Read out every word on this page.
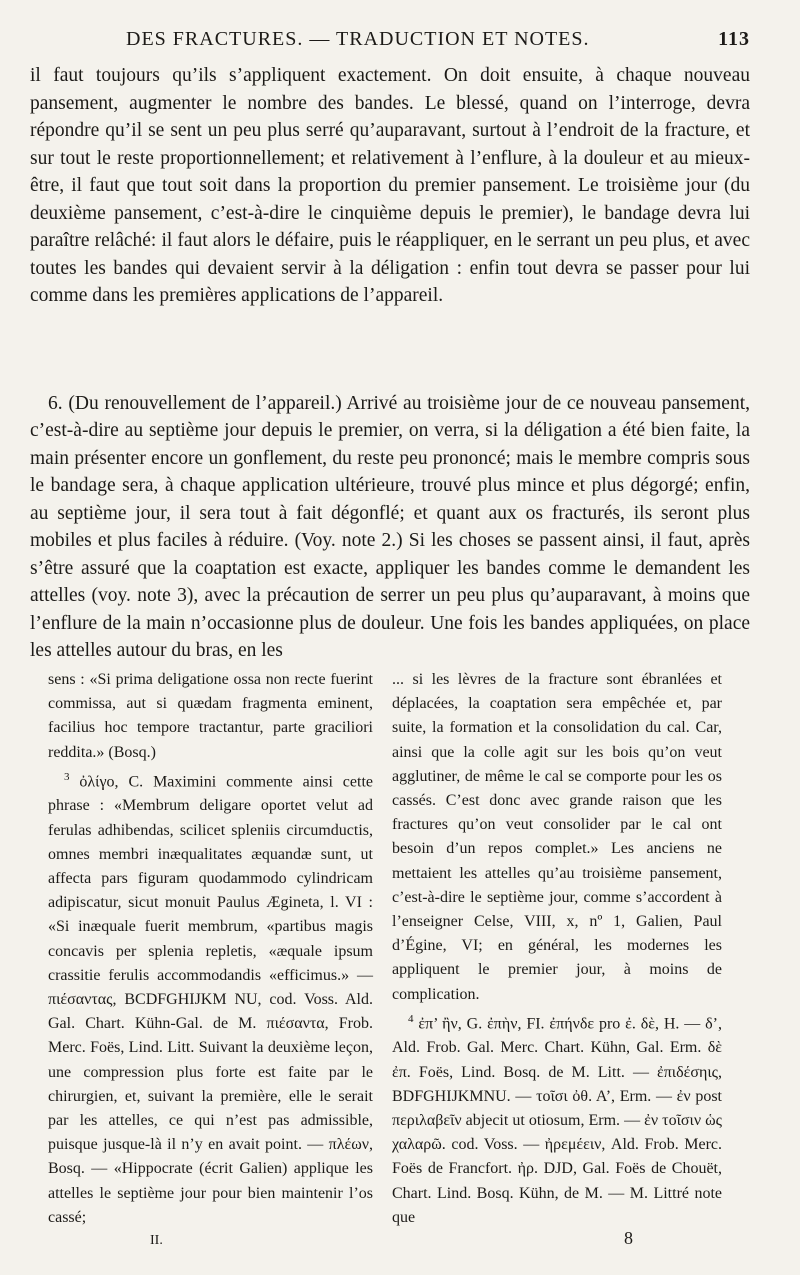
DES FRACTURES. — TRADUCTION ET NOTES.	113

il faut toujours qu’ils s’appliquent exactement. On doit ensuite, à chaque nouveau pansement, augmenter le nombre des bandes. Le blessé, quand on l’interroge, devra répondre qu’il se sent un peu plus serré qu’auparavant, surtout à l’endroit de la fracture, et sur tout le reste proportionnellement; et relativement à l’enflure, à la douleur et au mieux-être, il faut que tout soit dans la proportion du premier pansement. Le troisième jour (du deuxième pansement, c’est-à-dire le cinquième depuis le premier), le bandage devra lui paraître relâché: il faut alors le défaire, puis le réappliquer, en le serrant un peu plus, et avec toutes les bandes qui devaient servir à la déligation : enfin tout devra se passer pour lui comme dans les premières applications de l’appareil.

6. (Du renouvellement de l’appareil.) Arrivé au troisième jour de ce nouveau pansement, c’est-à-dire au septième jour depuis le premier, on verra, si la déligation a été bien faite, la main présenter encore un gonflement, du reste peu prononcé; mais le membre compris sous le bandage sera, à chaque application ultérieure, trouvé plus mince et plus dégorgé; enfin, au septième jour, il sera tout à fait dégonflé; et quant aux os fracturés, ils seront plus mobiles et plus faciles à réduire. (Voy. note 2.) Si les choses se passent ainsi, il faut, après s’être assuré que la coaptation est exacte, appliquer les bandes comme le demandent les attelles (voy. note 3), avec la précaution de serrer un peu plus qu’auparavant, à moins que l’enflure de la main n’occasionne plus de douleur. Une fois les bandes appliquées, on place les attelles autour du bras, en les

sens : «Si prima deligatione ossa non recte fuerint commissa, aut si quædam fragmenta eminent, facilius hoc tempore tractantur, parte graciliori reddita.» (Bosq.)

$^3$ ὀλίγο, C. Maximini commente ainsi cette phrase : «Membrum deligare oportet velut ad ferulas adhibendas, scilicet spleniis circumductis, omnes membri inæqualitates æquandæ sunt, ut affecta pars figuram quodammodo cylindricam adipiscatur, sicut monuit Paulus Ægineta, l. VI : «Si inæquale fuerit membrum, «partibus magis concavis per splenia repletis, «æquale ipsum crassitie ferulis accommodandis «efficimus.» — πιέσαντας, BCDFGHIJKM NU, cod. Voss. Ald. Gal. Chart. Kühn-Gal. de M. πιέσαντα, Frob. Merc. Foës, Lind. Litt. Suivant la deuxième leçon, une compression plus forte est faite par le chirurgien, et, suivant la première, elle le serait par les attelles, ce qui n’est pas admissible, puisque jusque-là il n’y en avait point. — πλέων, Bosq. — «Hippocrate (écrit Galien) applique les attelles le septième jour pour bien maintenir l’os cassé;

... si les lèvres de la fracture sont ébranlées et déplacées, la coaptation sera empêchée et, par suite, la formation et la consolidation du cal. Car, ainsi que la colle agit sur les bois qu’on veut agglutiner, de même le cal se comporte pour les os cassés. C’est donc avec grande raison que les fractures qu’on veut consolider par le cal ont besoin d’un repos complet.» Les anciens ne mettaient les attelles qu’au troisième pansement, c’est-à-dire le septième jour, comme s’accordent à l’enseigner Celse, VIII, x, nº 1, Galien, Paul d’Égine, VI; en général, les modernes les appliquent le premier jour, à moins de complication.

$^4$ ἐπ’ ἢν, G. ἐπὴν, FI. ἐπήνδε pro ἐ. δὲ, H. — δ’, Ald. Frob. Gal. Merc. Chart. Kühn, Gal. Erm. δὲ ἐπ. Foës, Lind. Bosq. de M. Litt. — ἐπιδέσηις, BDFGHIJKMNU. — τοῖσι ὀθ. Α’, Erm. — ἐν post περιλαβεῖν abjecit ut otiosum, Erm. — ἐν τοῖσιν ὡς χαλαρῶ. cod. Voss. — ἠρεμέειν, Ald. Frob. Merc. Foës de Francfort. ἠρ. DJD, Gal. Foës de Chouët, Chart. Lind. Bosq. Kühn, de M. — M. Littré note que

II.	8
